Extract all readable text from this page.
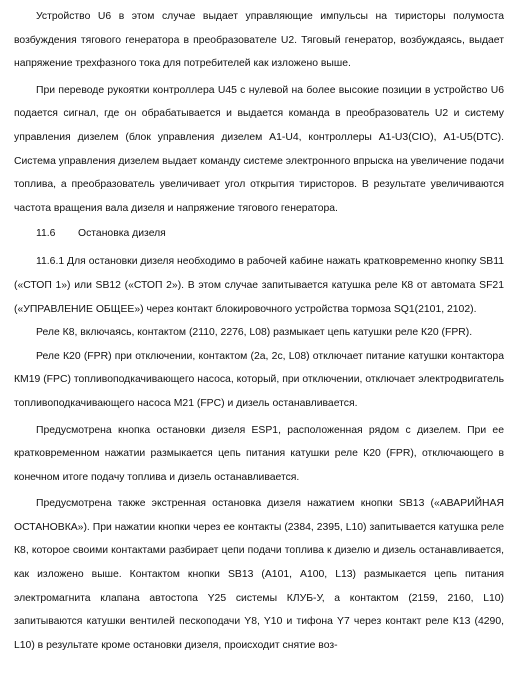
Устройство U6 в этом случае выдает управляющие импульсы на тиристоры полумоста возбуждения тягового генератора в преобразователе U2. Тяговый генератор, возбуждаясь, выдает напряжение трехфазного тока для потребителей как изложено выше.

При переводе рукоятки контроллера U45 с нулевой на более высокие позиции в устройство U6 подается сигнал, где он обрабатывается и выдается команда в преобразователь U2 и систему управления дизелем (блок управления дизелем А1-U4, контроллеры А1-U3(CIO), А1-U5(DTC). Система управления дизелем выдает команду системе электронного впрыска на увеличение подачи топлива, а преобразователь увеличивает угол открытия тиристоров. В результате увеличиваются частота вращения вала дизеля и напряжение тягового генератора.

11.6 Остановка дизеля

11.6.1 Для остановки дизеля необходимо в рабочей кабине нажать кратковременно кнопку SB11 («СТОП 1») или SB12 («СТОП 2»). В этом случае запитывается катушка реле К8 от автомата SF21 («УПРАВЛЕНИЕ ОБЩЕЕ») через контакт блокировочного устройства тормоза SQ1(2101, 2102).

Реле К8, включаясь, контактом (2110, 2276, L08) размыкает цепь катушки реле К20 (FPR).

Реле К20 (FPR) при отключении, контактом (2а, 2с, L08) отключает питание катушки контактора КМ19 (FPC) топливоподкачивающего насоса, который, при отключении, отключает электродвигатель топливоподкачивающего насоса М21 (FPC) и дизель останавливается.

Предусмотрена кнопка остановки дизеля ESP1, расположенная рядом с дизелем. При ее кратковременном нажатии размыкается цепь питания катушки реле К20 (FPR), отключающего в конечном итоге подачу топлива и дизель останавливается.

Предусмотрена также экстренная остановка дизеля нажатием кнопки SB13 («АВАРИЙНАЯ ОСТАНОВКА»). При нажатии кнопки через ее контакты (2384, 2395, L10) запитывается катушка реле К8, которое своими контактами разбирает цепи подачи топлива к дизелю и дизель останавливается, как изложено выше. Контактом кнопки SB13 (А101, А100, L13) размыкается цепь питания электромагнита клапана автостопа Y25 системы КЛУБ-У, а контактом (2159, 2160, L10) запитываются катушки вентилей пескоподачи Y8, Y10 и тифона Y7 через контакт реле К13 (4290, L10) в результате кроме остановки дизеля, происходит снятие воз-
